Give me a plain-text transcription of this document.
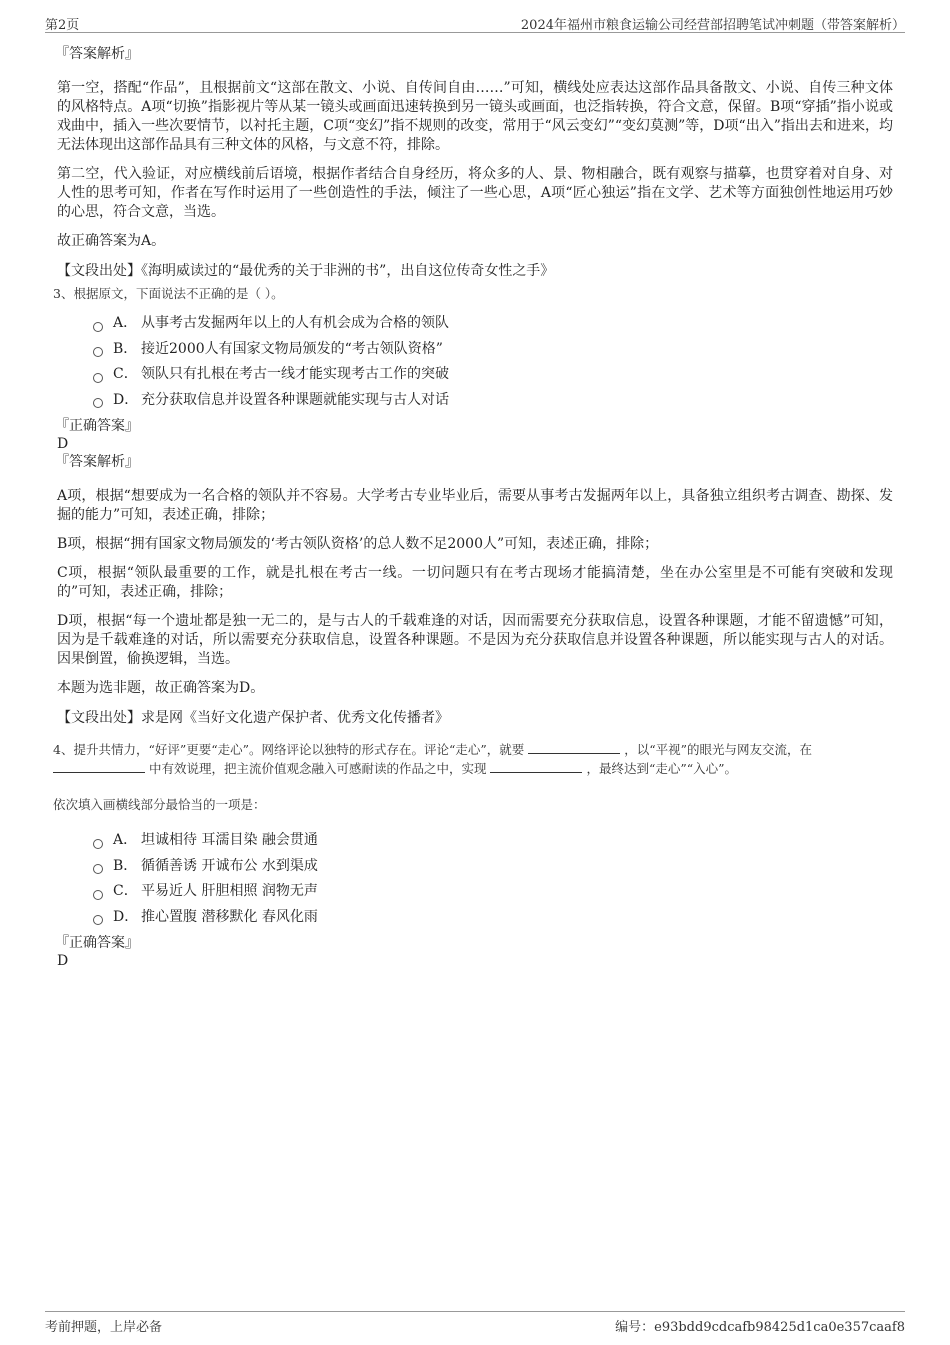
第2页	2024年福州市粮食运输公司经营部招聘笔试冲刺题（带答案解析）

『答案解析』

第一空，搭配“作品”，且根据前文“这部在散文、小说、自传间自由……”可知，横线处应表达这部作品具备散文、小说、自传三种文体的风格特点。A项“切换”指影视片等从某一镜头或画面迅速转换到另一镜头或画面，也泛指转换，符合文意，保留。B项“穿插”指小说或戏曲中，插入一些次要情节，以衬托主题，C项“变幻”指不规则的改变，常用于“风云变幻”“变幻莫测”等，D项“出入”指出去和进来，均无法体现出这部作品具有三种文体的风格，与文意不符，排除。

第二空，代入验证，对应横线前后语境，根据作者结合自身经历，将众多的人、景、物相融合，既有观察与描摹，也贯穿着对自身、对人性的思考可知，作者在写作时运用了一些创造性的手法，倾注了一些心思，A项“匠心独运”指在文学、艺术等方面独创性地运用巧妙的心思，符合文意，当选。

故正确答案为A。

【文段出处】《海明威读过的“最优秀的关于非洲的书”，出自这位传奇女性之手》

3、根据原文，下面说法不正确的是（ ）。

A． 从事考古发掘两年以上的人有机会成为合格的领队
B． 接近2000人有国家文物局颁发的“考古领队资格”
C． 领队只有扎根在考古一线才能实现考古工作的突破
D． 充分获取信息并设置各种课题就能实现与古人对话

『正确答案』

D

『答案解析』

A项，根据“想要成为一名合格的领队并不容易。大学考古专业毕业后，需要从事考古发掘两年以上，具备独立组织考古调查、勘探、发掘的能力”可知，表述正确，排除；

B项，根据“拥有国家文物局颁发的‘考古领队资格’的总人数不足2000人”可知，表述正确，排除；

C项，根据“领队最重要的工作，就是扎根在考古一线。一切问题只有在考古现场才能搞清楚，坐在办公室里是不可能有突破和发现的”可知，表述正确，排除；

D项，根据“每一个遗址都是独一无二的，是与古人的千载难逢的对话，因而需要充分获取信息，设置各种课题，才能不留遗憾”可知，因为是千载难逢的对话，所以需要充分获取信息，设置各种课题。不是因为充分获取信息并设置各种课题，所以能实现与古人的对话。因果倒置，偷换逻辑，当选。

本题为选非题，故正确答案为D。

【文段出处】求是网《当好文化遗产保护者、优秀文化传播者》

4、提升共情力，“好评”更要“走心”。网络评论以独特的形式存在。评论“走心”，就要	，以“平视”的眼光与网友交流，在  中有效说理，把主流价值观念融入可感耐读的作品之中，实现	，最终达到“走心”“入心”。

依次填入画横线部分最恰当的一项是：

A． 坦诚相待 耳濡目染 融会贯通
B． 循循善诱 开诚布公 水到渠成
C． 平易近人 肝胆相照 润物无声
D． 推心置腹 潜移默化 春风化雨

『正确答案』

D

考前押题，上岸必备	编号：e93bdd9cdcafb98425d1ca0e357caaf8
